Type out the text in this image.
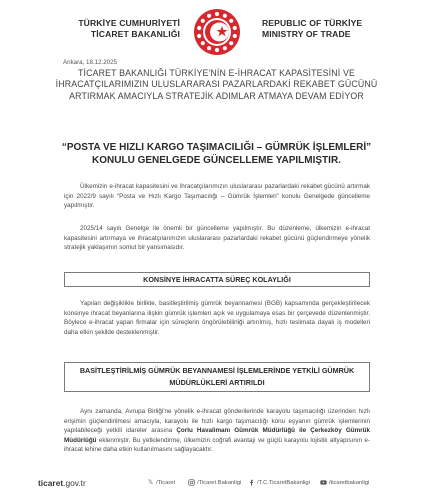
TÜRKİYE CUMHURİYETİ
TİCARET BAKANLIĞI
REPUBLIC OF TÜRKİYE
MINISTRY OF TRADE
Ankara, 18.12.2025
TİCARET BAKANLIĞI TÜRKİYE'NİN E-İHRACAT KAPASİTESİNİ VE İHRACATÇILARIMIZIN ULUSLARARASI PAZARLARDAKİ REKABET GÜCÜNÜ ARTIRMAK AMACIYLA STRATEJİK ADIMLAR ATMAYA DEVAM EDİYOR
“POSTA VE HIZLI KARGO TAŞIMACILIĞI – GÜMRÜK İŞLEMLERİ” KONULU GENELGEDE GÜNCELLEME YAPILMIŞTIR.

Ülkemizin e-ihracat kapasitesini ve ihracatçılarımızın uluslararası pazarlardaki rekabet gücünü artırmak için 2022/9 sayılı “Posta ve Hızlı Kargo Taşımacılığı – Gümrük İşlemleri” konulu Genelgede güncelleme yapılmıştır.

2025/14 sayılı Genelge ile önemli bir güncelleme yapılmıştır. Bu düzenleme, ülkemizin e-ihracat kapasitesini artırmaya ve ihracatçılarımızın uluslararası pazarlardaki rekabet gücünü güçlendirmeye yönelik stratejik yaklaşımın somut bir yansımasıdır.

KONSİNYE İHRACATTA SÜREÇ KOLAYLIĞI

Yapılan değişiklikle birlikte, basitleştirilmiş gümrük beyannamesi (BGB) kapsamında gerçekleştirilecek konsinye ihracat beyanlarına ilişkin gümrük işlemleri açık ve uygulamaya esas bir çerçevede düzenlenmiştir. Böylece e-ihracat yapan firmalar için süreçlerin öngörülebilirliği artırılmış, hızlı teslimata dayalı iş modelleri daha etkin şekilde desteklenmiştir.

BASİTLEŞTİRİLMİŞ GÜMRÜK BEYANNAMESİ İŞLEMLERİNDE YETKİLİ GÜMRÜK MÜDÜRLÜKLERİ ARTIRILDI

Aynı zamanda, Avrupa Birliği'ne yönelik e-ihracat gönderilerinde karayolu taşımacılığı üzerinden hızlı erişimin güçlendirilmesi amacıyla, karayolu ile hızlı kargo taşımacılığı konu eşyanın gümrük işlemlerinin yapılabileceği yetkili idareler arasına Çorlu Havalimanı Gümrük Müdürlüğü ile Çerkezköy Gümrük Müdürlüğü eklenmiştir. Bu yetkilendirme, ülkemizin coğrafi avantajı ve güçlü karayolu lojistik altyapısının e-ihracat lehine daha etkin kullanılmasını sağlayacaktır.

ticaret.gov.tr	𝕏 /Ticaret	/Ticaret.Bakanligi	/T.C.TicaretBakanligi	/ticaretbakanligi
